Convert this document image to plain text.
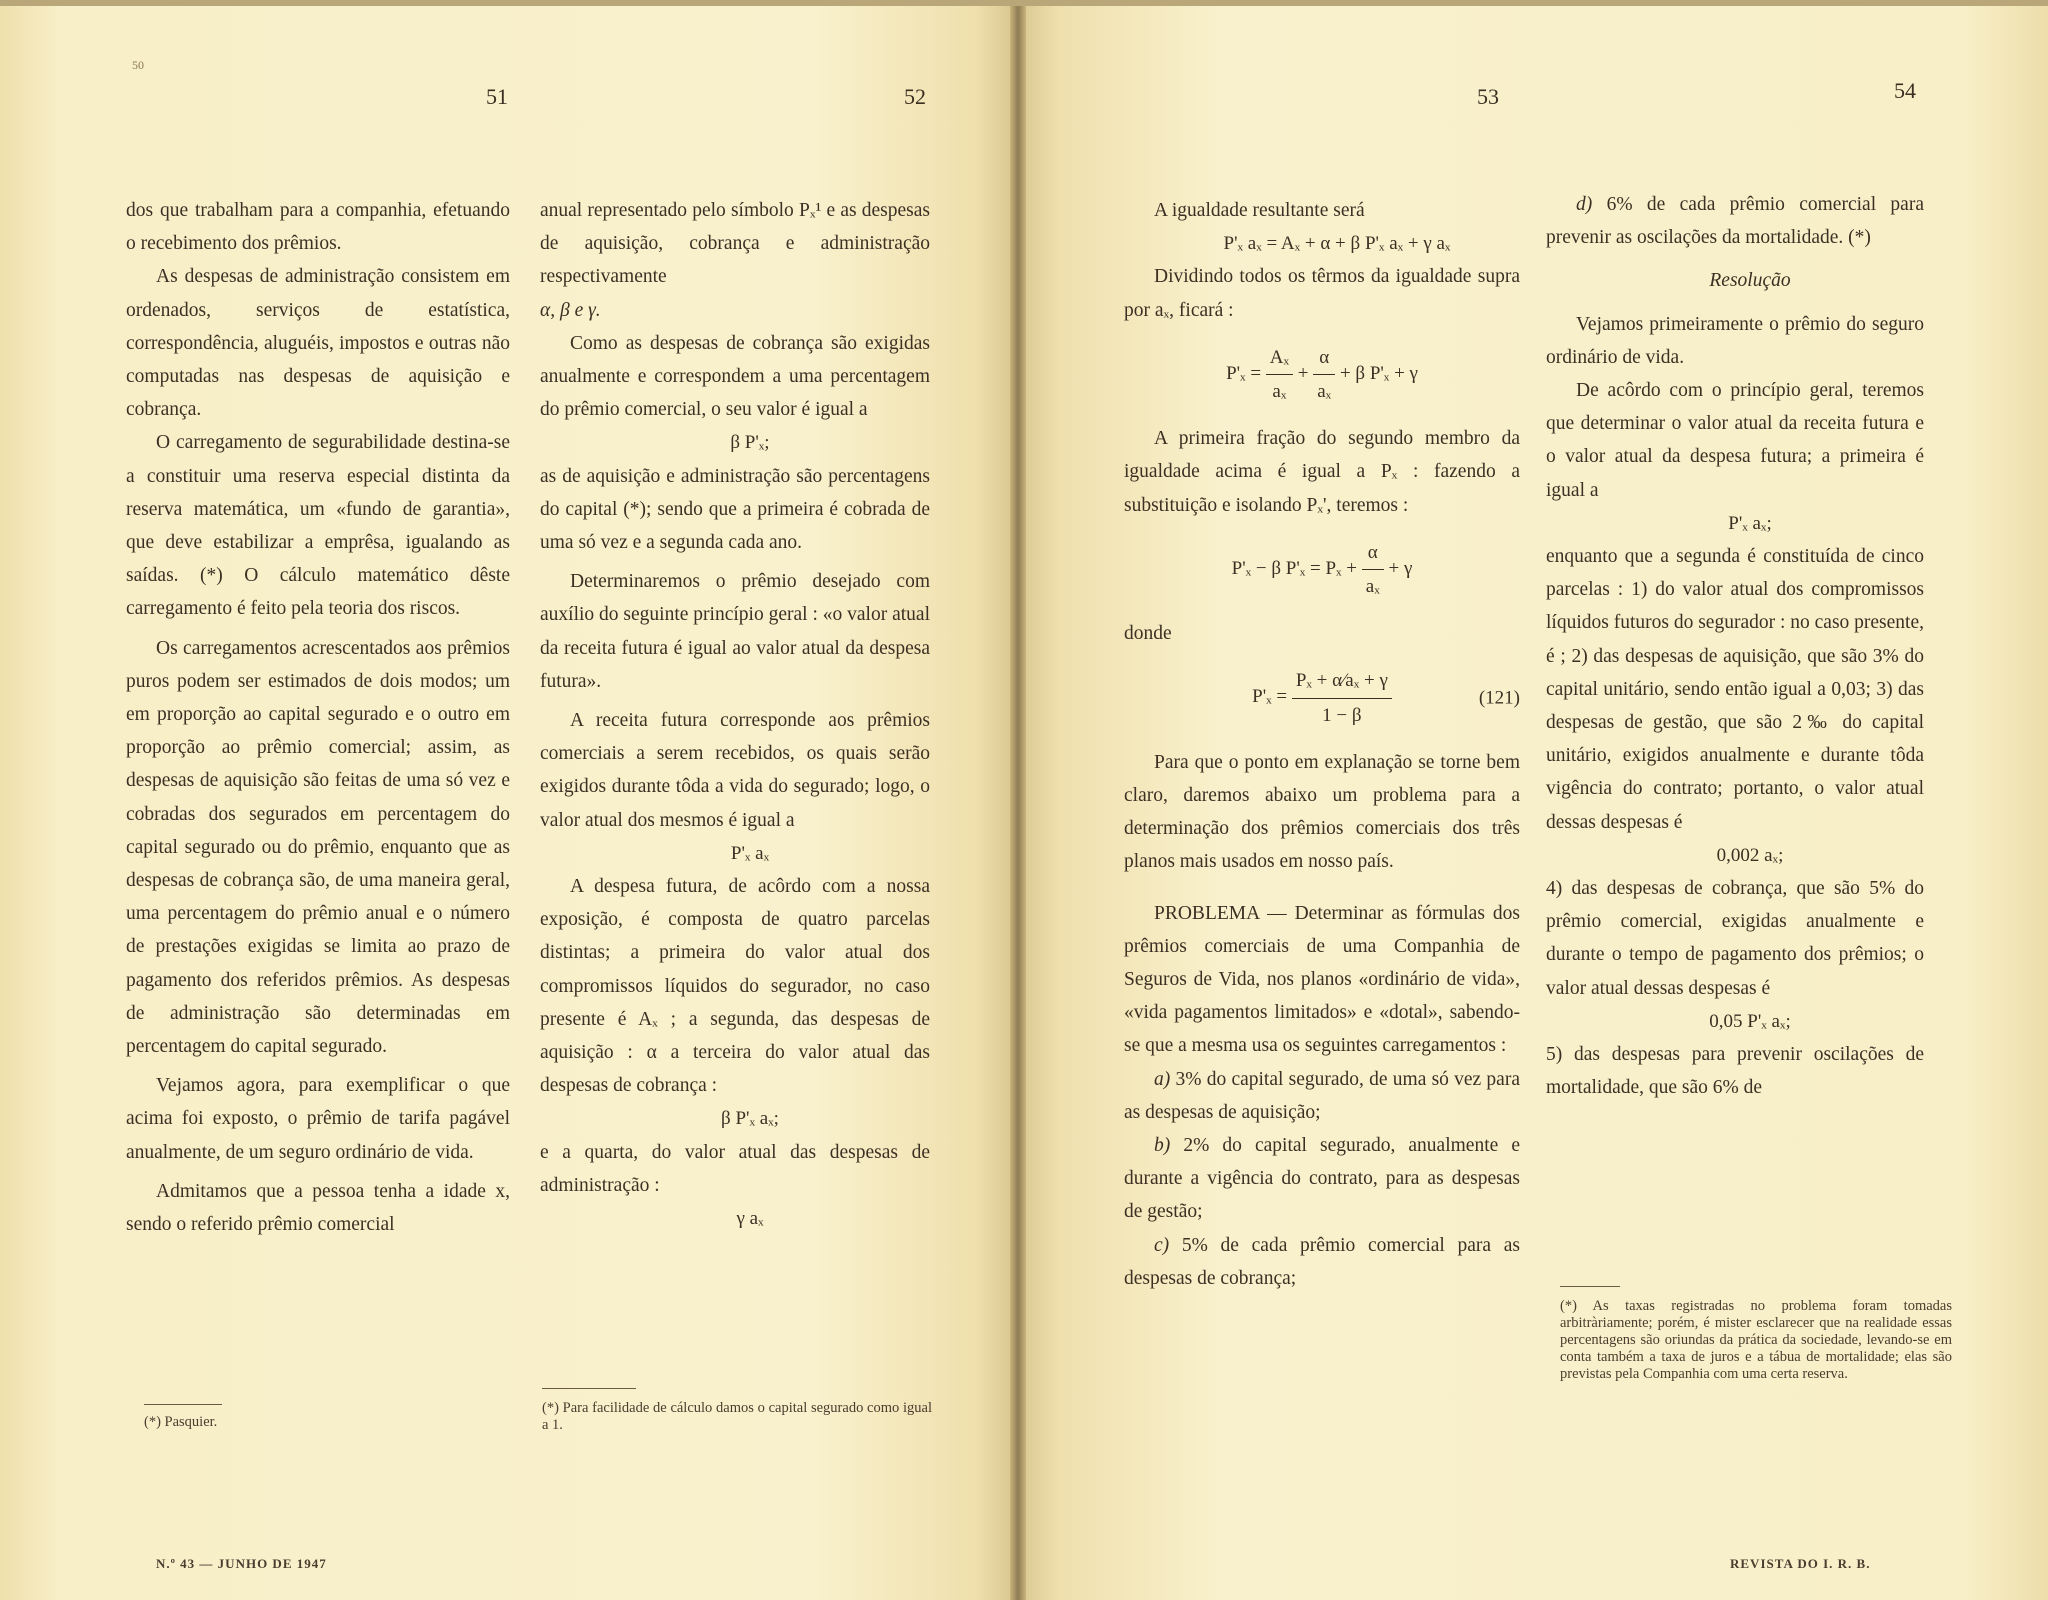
50
51	52	53	54

dos que trabalham para a companhia, efetuando o recebimento dos prêmios.

As despesas de administração consistem em ordenados, serviços de estatística, correspondência, aluguéis, impostos e outras não computadas nas despesas de aquisição e cobrança.

O carregamento de segurabilidade destina-se a constituir uma reserva especial distinta da reserva matemática, um «fundo de garantia», que deve estabilizar a emprêsa, igualando as saídas. (*) O cálculo matemático dêste carregamento é feito pela teoria dos riscos.

Os carregamentos acrescentados aos prêmios puros podem ser estimados de dois modos; um em proporção ao capital segurado e o outro em proporção ao prêmio comercial; assim, as despesas de aquisição são feitas de uma só vez e cobradas dos segurados em percentagem do capital segurado ou do prêmio, enquanto que as despesas de cobrança são, de uma maneira geral, uma percentagem do prêmio anual e o número de prestações exigidas se limita ao prazo de pagamento dos referidos prêmios. As despesas de administração são determinadas em percentagem do capital segurado.

Vejamos agora, para exemplificar o que acima foi exposto, o prêmio de tarifa pagável anualmente, de um seguro ordinário de vida.

Admitamos que a pessoa tenha a idade x, sendo o referido prêmio comercial

(*) Pasquier.

anual representado pelo símbolo Pₓ¹ e as despesas de aquisição, cobrança e administração respectivamente

α, β e γ.

Como as despesas de cobrança são exigidas anualmente e correspondem a uma percentagem do prêmio comercial, o seu valor é igual a

β P'ₓ;

as de aquisição e administração são percentagens do capital (*); sendo que a primeira é cobrada de uma só vez e a segunda cada ano.

Determinaremos o prêmio desejado com auxílio do seguinte princípio geral : «o valor atual da receita futura é igual ao valor atual da despesa futura».

A receita futura corresponde aos prêmios comerciais a serem recebidos, os quais serão exigidos durante tôda a vida do segurado; logo, o valor atual dos mesmos é igual a

P'ₓ aₓ

A despesa futura, de acôrdo com a nossa exposição, é composta de quatro parcelas distintas; a primeira do valor atual dos compromissos líquidos do segurador, no caso presente é Aₓ ; a segunda, das despesas de aquisição : α a terceira do valor atual das despesas de cobrança :

β P'ₓ aₓ;

e a quarta, do valor atual das despesas de administração :

γ aₓ

(*) Para facilidade de cálculo damos o capital segurado como igual a 1.

A igualdade resultante será

P'ₓ aₓ = Aₓ + α + β P'ₓ aₓ + γ aₓ

Dividindo todos os têrmos da igualdade supra por aₓ, ficará :

$P'_x = \frac{\text{Aₓ}}{\text{aₓ}} + \frac{\alpha}{\text{aₓ}} + \beta$ P'ₓ + γ

A primeira fração do segundo membro da igualdade acima é igual a Pₓ : fazendo a substituição e isolando Pₓ', teremos :

P'ₓ − β $P'_x = P_x + \frac{\alpha}{\text{aₓ}} + \gamma$

donde

$P'_x = \frac{\text{Pₓ + α⁄aₓ + γ}}{1 - \beta}$	(121)

Para que o ponto em explanação se torne bem claro, daremos abaixo um problema para a determinação dos prêmios comerciais dos três planos mais usados em nosso país.

PROBLEMA — Determinar as fórmulas dos prêmios comerciais de uma Companhia de Seguros de Vida, nos planos «ordinário de vida», «vida pagamentos limitados» e «dotal», sabendo-se que a mesma usa os seguintes carregamentos :

a) 3% do capital segurado, de uma só vez para as despesas de aquisição;

b) 2% do capital segurado, anualmente e durante a vigência do contrato, para as despesas de gestão;

c) 5% de cada prêmio comercial para as despesas de cobrança;

d) 6% de cada prêmio comercial para prevenir as oscilações da mortalidade. (*)

Resolução

Vejamos primeiramente o prêmio do seguro ordinário de vida.

De acôrdo com o princípio geral, teremos que determinar o valor atual da receita futura e o valor atual da despesa futura; a primeira é igual a

P'ₓ aₓ;

enquanto que a segunda é constituída de cinco parcelas : 1) do valor atual dos compromissos líquidos futuros do segurador : no caso presente, é ; 2) das despesas de aquisição, que são 3% do capital unitário, sendo então igual a 0,03; 3) das despesas de gestão, que são 2‰ do capital unitário, exigidos anualmente e durante tôda vigência do contrato; portanto, o valor atual dessas despesas é

0,002 aₓ;

4) das despesas de cobrança, que são 5% do prêmio comercial, exigidas anualmente e durante o tempo de pagamento dos prêmios; o valor atual dessas despesas é

0,05 P'ₓ aₓ;

5) das despesas para prevenir oscilações de mortalidade, que são 6% de

(*) As taxas registradas no problema foram tomadas arbitràriamente; porém, é mister esclarecer que na realidade essas percentagens são oriundas da prática da sociedade, levando-se em conta também a taxa de juros e a tábua de mortalidade; elas são previstas pela Companhia com uma certa reserva.
N.º 43 — JUNHO DE 1947	REVISTA DO I. R. B.
